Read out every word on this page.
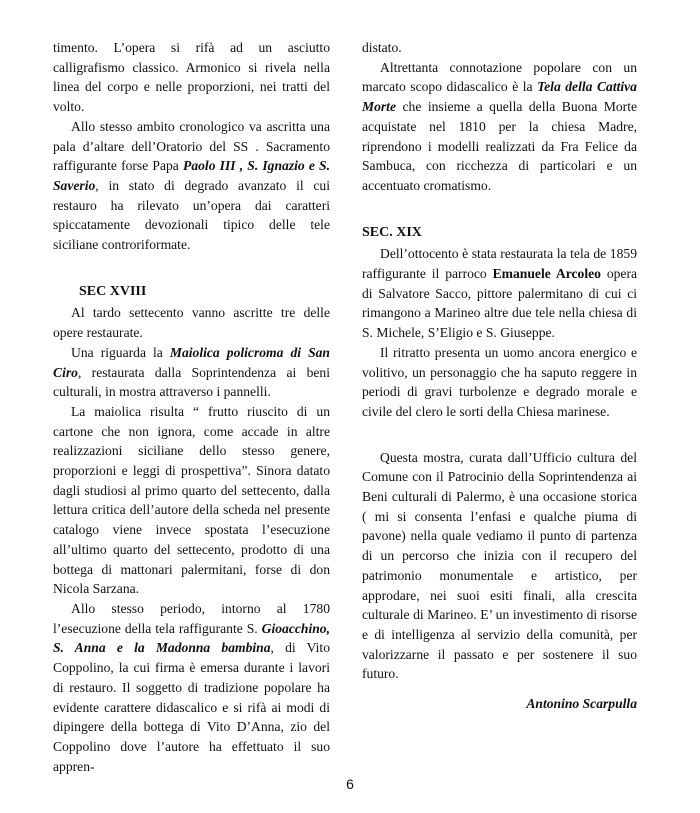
timento. L’opera si rifà ad un asciutto calligrafismo classico. Armonico si rivela nella linea del corpo e nelle proporzioni, nei tratti del volto.

Allo stesso ambito cronologico va ascritta una pala d’altare dell’Oratorio del SS . Sacramento raffigurante forse Papa Paolo III , S. Ignazio e S. Saverio, in stato di degrado avanzato il cui restauro ha rilevato un’opera dai caratteri spiccatamente devozionali tipico delle tele siciliane controriformate.

SEC XVIII

Al tardo settecento vanno ascritte tre delle opere restaurate.

Una riguarda la Maiolica policroma di San Ciro, restaurata dalla Soprintendenza ai beni culturali, in mostra attraverso i pannelli.

La maiolica risulta “ frutto riuscito di un cartone che non ignora, come accade in altre realizzazioni siciliane dello stesso genere, proporzioni e leggi di prospettiva”. Sinora datato dagli studiosi al primo quarto del settecento, dalla lettura critica dell’autore della scheda nel presente catalogo viene invece spostata l’esecuzione all’ultimo quarto del settecento, prodotto di una bottega di mattonari palermitani, forse di don Nicola Sarzana.

Allo stesso periodo, intorno al 1780 l’esecuzione della tela raffigurante S. Gioacchino, S. Anna e la Madonna bambina, di Vito Coppolino, la cui firma è emersa durante i lavori di restauro. Il soggetto di tradizione popolare ha evidente carattere didascalico e si rifà ai modi di dipingere della bottega di Vito D’Anna, zio del Coppolino dove l’autore ha effettuato il suo appren-

distato.

Altrettanta connotazione popolare con un marcato scopo didascalico è la Tela della Cattiva Morte che insieme a quella della Buona Morte acquistate nel 1810 per la chiesa Madre, riprendono i modelli realizzati da Fra Felice da Sambuca, con ricchezza di particolari e un accentuato cromatismo.

SEC. XIX

Dell’ottocento è stata restaurata la tela de 1859 raffigurante il parroco Emanuele Arcoleo opera di Salvatore Sacco, pittore palermitano di cui ci rimangono a Marineo altre due tele nella chiesa di S. Michele, S’Eligio e S. Giuseppe.

Il ritratto presenta un uomo ancora energico e volitivo, un personaggio che ha saputo reggere in periodi di gravi turbolenze e degrado morale e civile del clero le sorti della Chiesa marinese.

Questa mostra, curata dall’Ufficio cultura del Comune con il Patrocinio della Soprintendenza ai Beni culturali di Palermo, è una occasione storica ( mi si consenta l’enfasi e qualche piuma di pavone) nella quale vediamo il punto di partenza di un percorso che inizia con il recupero del patrimonio monumentale e artistico, per approdare, nei suoi esiti finali, alla crescita culturale di Marineo. E’ un investimento di risorse e di intelligenza al servizio della comunità, per valorizzarne il passato e per sostenere il suo futuro.

Antonino Scarpulla

6
